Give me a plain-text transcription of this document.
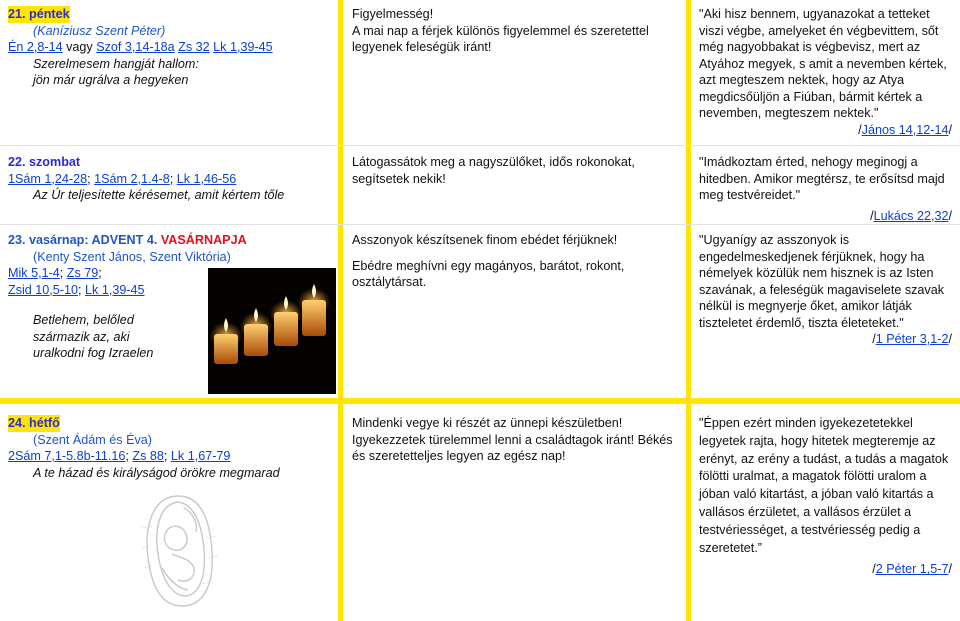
21. péntek
(Kaníziusz Szent Péter)
Én 2,8-14 vagy Szof 3,14-18a Zs 32 Lk 1,39-45
Szerelmesem hangját hallom:
jön már ugrálva a hegyeken
Figyelmesség!
A mai nap a férjek különös figyelemmel és szeretettel legyenek feleségük iránt!
"Aki hisz bennem, ugyanazokat a tetteket viszi végbe, amelyeket én végbevittem, sőt még nagyobbakat is végbevisz, mert az Atyához megyek, s amit a nevemben kértek, azt megteszem nektek, hogy az Atya megdicsőüljön a Fiúban, bármit kértek a nevemben, megteszem nektek."
/János 14,12-14/
22. szombat
1Sám 1,24-28; 1Sám 2,1.4-8; Lk 1,46-56
Az Úr teljesítette kérésemet, amit kértem tőle
Látogassátok meg a nagyszülőket, idős rokonokat, segítsetek nekik!
"Imádkoztam érted, nehogy meginogj a hitedben. Amikor megtérsz, te erősítsd majd meg testvéreidet."
/Lukács 22,32/
23. vasárnap: ADVENT 4. VASÁRNAPJA
(Kenty Szent János, Szent Viktória)
Mik 5,1-4; Zs 79;
Zsid 10,5-10; Lk 1,39-45
Betlehem, belőled
származik az, aki
uralkodni fog Izraelen
Asszonyok készítsenek finom ebédet férjüknek!
Ebédre meghívni egy magányos, barátot, rokont, osztálytársat.
"Ugyanígy az asszonyok is engedelmeskedjenek férjüknek, hogy ha némelyek közülük nem hisznek is az Isten szavának, a feleségük magaviselete szavak nélkül is megnyerje őket, amikor látják tiszteletet érdemlő, tiszta életeteket."
/1 Péter 3,1-2/
24. hétfő
(Szent Ádám és Éva)
2Sám 7,1-5.8b-11.16; Zs 88; Lk 1,67-79
A te házad és királyságod örökre megmarad
Mindenki vegye ki részét az ünnepi készületben! Igyekezzetek türelemmel lenni a családtagok iránt! Békés és szeretetteljes legyen az egész nap!
"Éppen ezért minden igyekezetetekkel legyetek rajta, hogy hitetek megteremje az erényt, az erény a tudást, a tudás a magatok fölötti uralmat, a magatok fölötti uralom a jóban való kitartást, a jóban való kitartás a vallásos érzületet, a vallásos érzület a testvériességet, a testvériesség pedig a szeretetet.”
/2 Péter 1,5-7/
